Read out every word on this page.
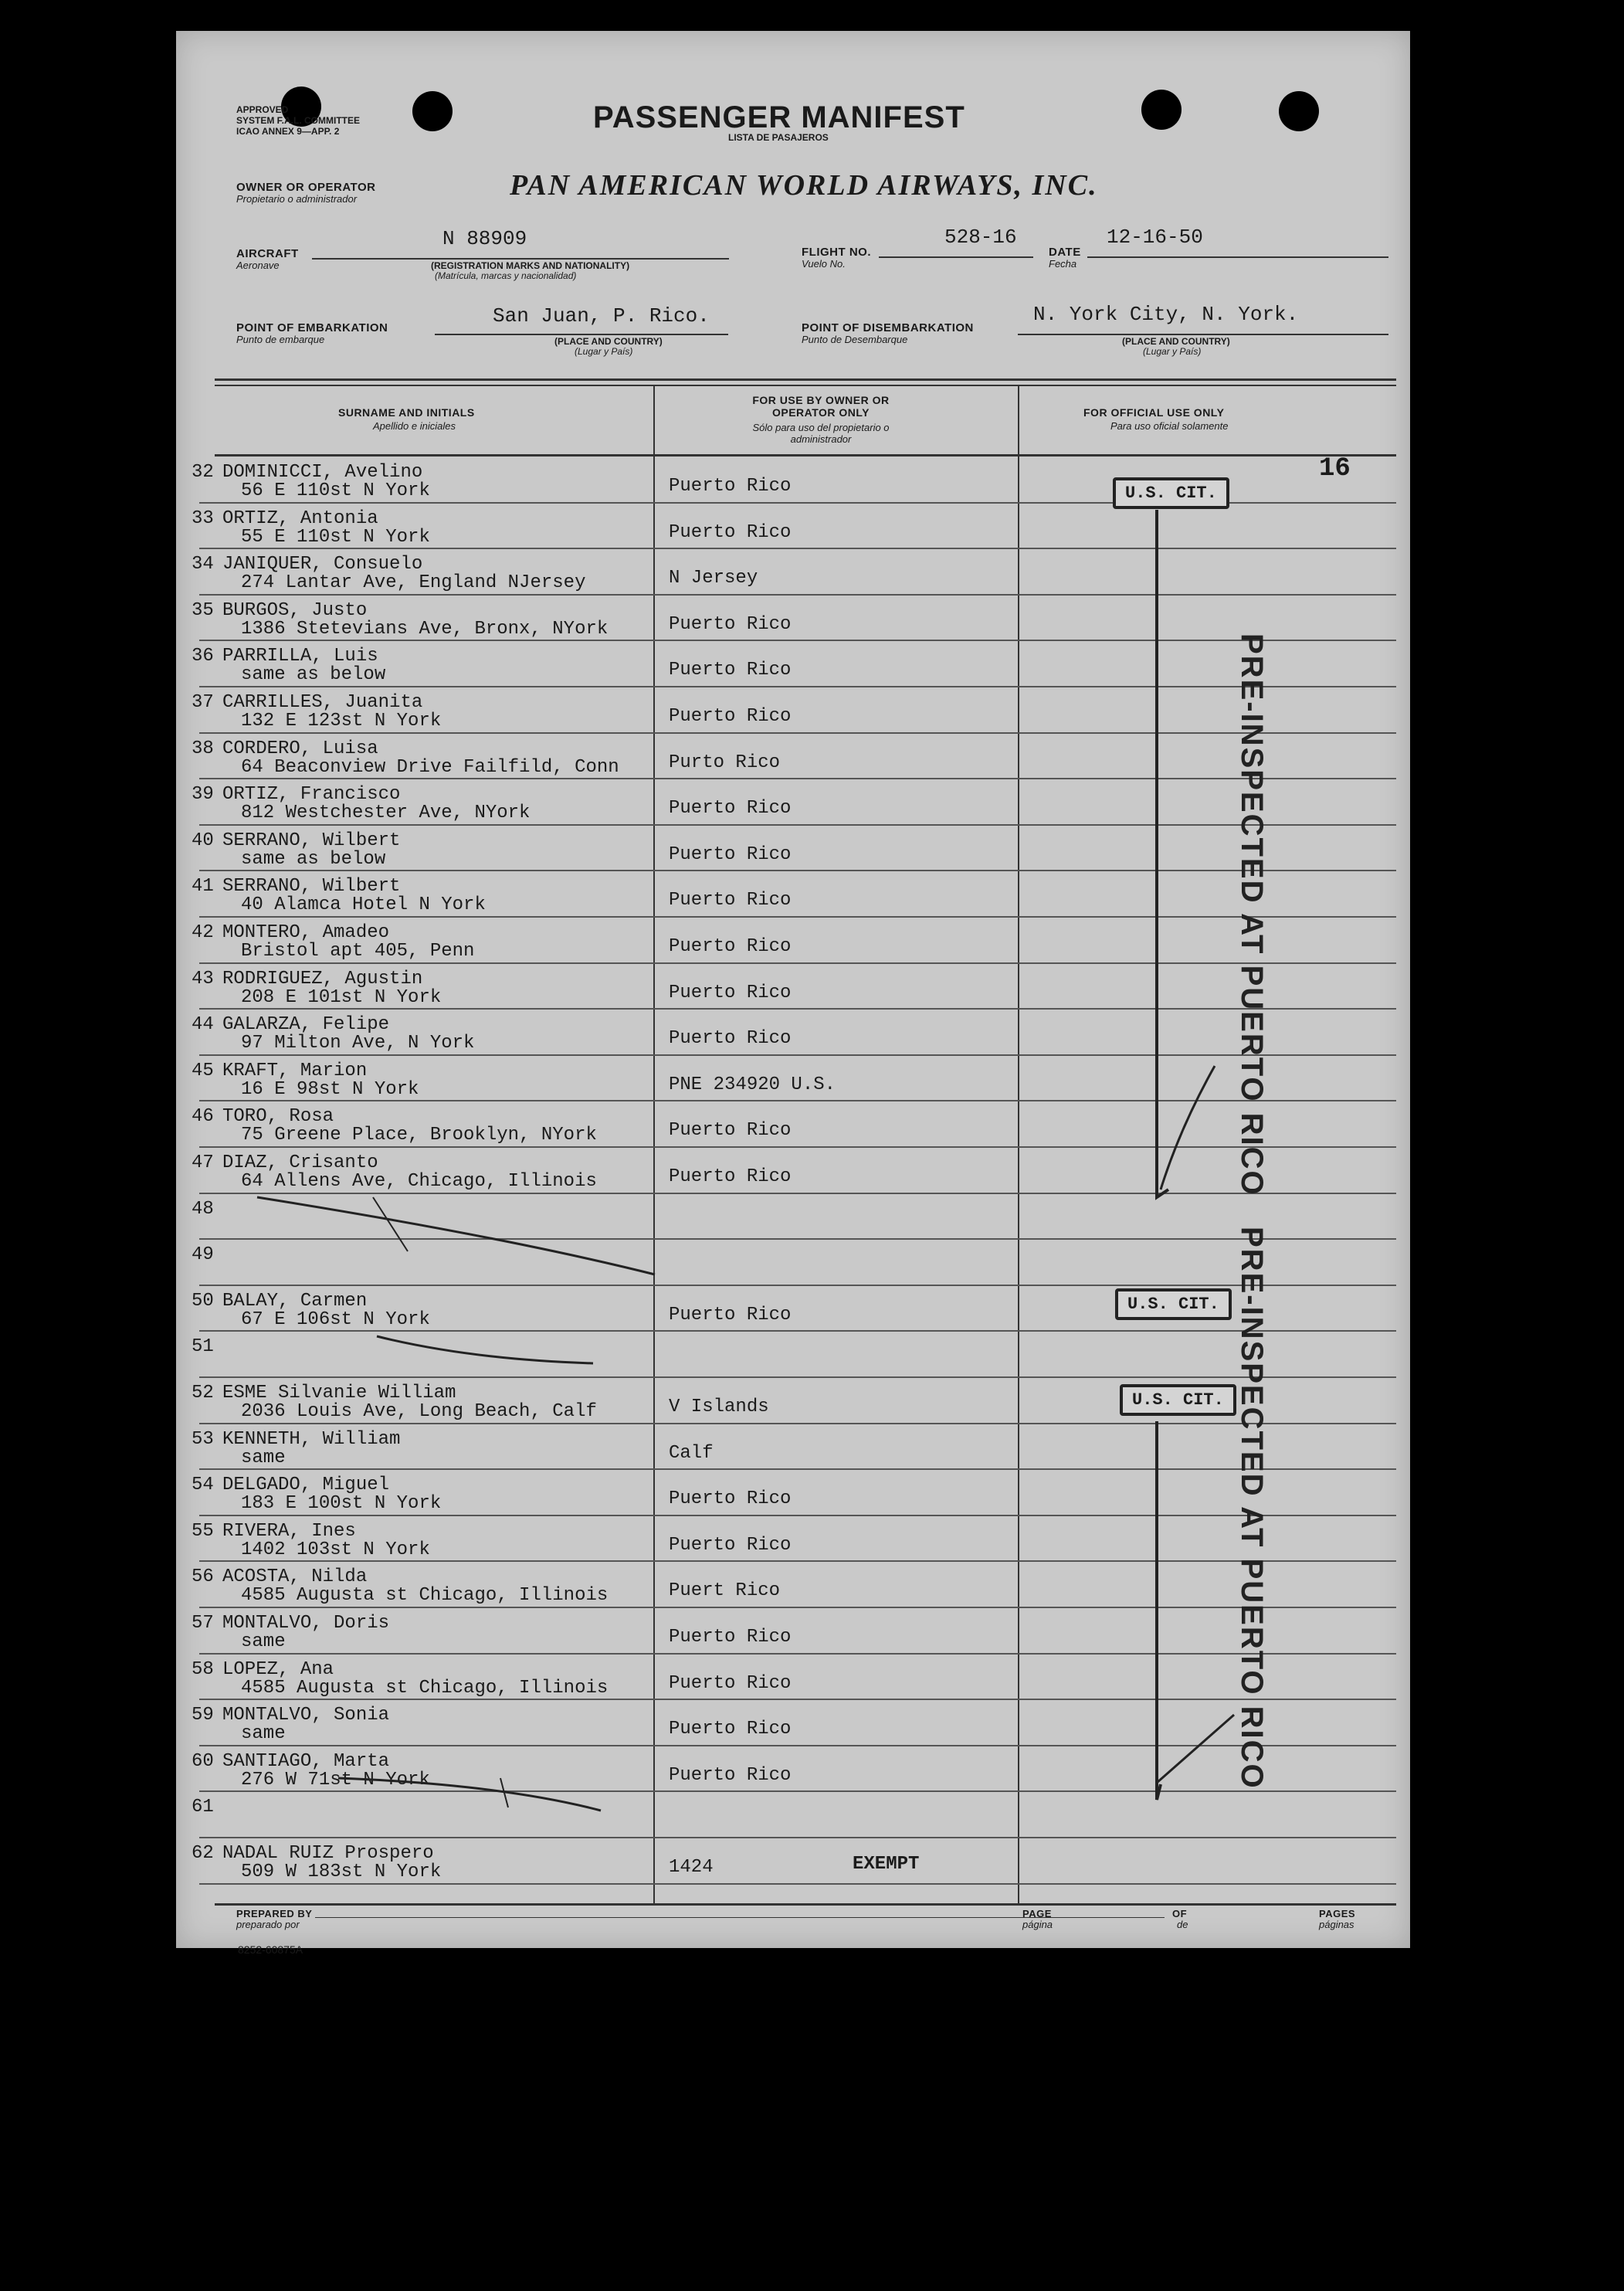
APPROVED
SYSTEM F.A.L. COMMITTEE
ICAO ANNEX 9—APP. 2	PASSENGER MANIFEST
LISTA DE PASAJEROS
OWNER OR OPERATOR
Propietario o administrador	PAN AMERICAN WORLD AIRWAYS, INC.
AIRCRAFT
Aeronave
N 88909
(REGISTRATION MARKS AND NATIONALITY)
(Matrícula, marcas y nacionalidad)
FLIGHT NO.
Vuelo No.
528-16
DATE
Fecha
12-16-50
POINT OF EMBARKATION
Punto de embarque
San Juan, P. Rico.
(PLACE AND COUNTRY)
(Lugar y País)
POINT OF DISEMBARKATION
Punto de Desembarque
N. York City, N. York.
(PLACE AND COUNTRY)
(Lugar y País)
SURNAME AND INITIALS
Apellido e iniciales
FOR USE BY OWNER OR OPERATOR ONLY
Sólo para uso del propietario o administrador
FOR OFFICIAL USE ONLY
Para uso oficial solamente
16
32 DOMINICCI, Avelino
56 E 110st N York	Puerto Rico
33 ORTIZ, Antonia
55 E 110st N York	Puerto Rico
34 JANIQUER, Consuelo
274 Lantar Ave, England NJersey	N Jersey
35 BURGOS, Justo
1386 Stetevians Ave, Bronx, NYork	Puerto Rico
36 PARRILLA, Luis
same as below	Puerto Rico
37 CARRILLES, Juanita
132 E 123st N York	Puerto Rico
38 CORDERO, Luisa
64 Beaconview Drive Failfild, Conn	Purto Rico
39 ORTIZ, Francisco
812 Westchester Ave, NYork	Puerto Rico
40 SERRANO, Wilbert
same as below	Puerto Rico
41 SERRANO, Wilbert
40 Alamca Hotel N York	Puerto Rico
42 MONTERO, Amadeo
Bristol apt 405, Penn	Puerto Rico
43 RODRIGUEZ, Agustin
208 E 101st N York	Puerto Rico
44 GALARZA, Felipe
97 Milton Ave, N York	Puerto Rico
45 KRAFT, Marion
16 E 98st N York	PNE 234920 U.S.
46 TORO, Rosa
75 Greene Place, Brooklyn, NYork	Puerto Rico
47 DIAZ, Crisanto
64 Allens Ave, Chicago, Illinois	Puerto Rico
48
49
50 BALAY, Carmen
67 E 106st N York	Puerto Rico
51
52 ESME Silvanie William
2036 Louis Ave, Long Beach, Calf	V Islands
53 KENNETH, William
same	Calf
54 DELGADO, Miguel
183 E 100st N York	Puerto Rico
55 RIVERA, Ines
1402 103st N York	Puerto Rico
56 ACOSTA, Nilda
4585 Augusta st Chicago, Illinois	Puert Rico
57 MONTALVO, Doris
same	Puerto Rico
58 LOPEZ, Ana
4585 Augusta st Chicago, Illinois	Puerto Rico
59 MONTALVO, Sonia
same	Puerto Rico
60 SANTIAGO, Marta
276 W 71st N York	Puerto Rico
61
62 NADAL RUIZ Prospero
509 W 183st N York	1424	EXEMPT
U.S. CIT.
U.S. CIT.
U.S. CIT.
PRE-INSPECTED AT PUERTO RICO
PRE-INSPECTED AT PUERTO RICO
PREPARED BY
preparado por
PAGE
página
OF
de
PAGES
páginas
8252-60875A
